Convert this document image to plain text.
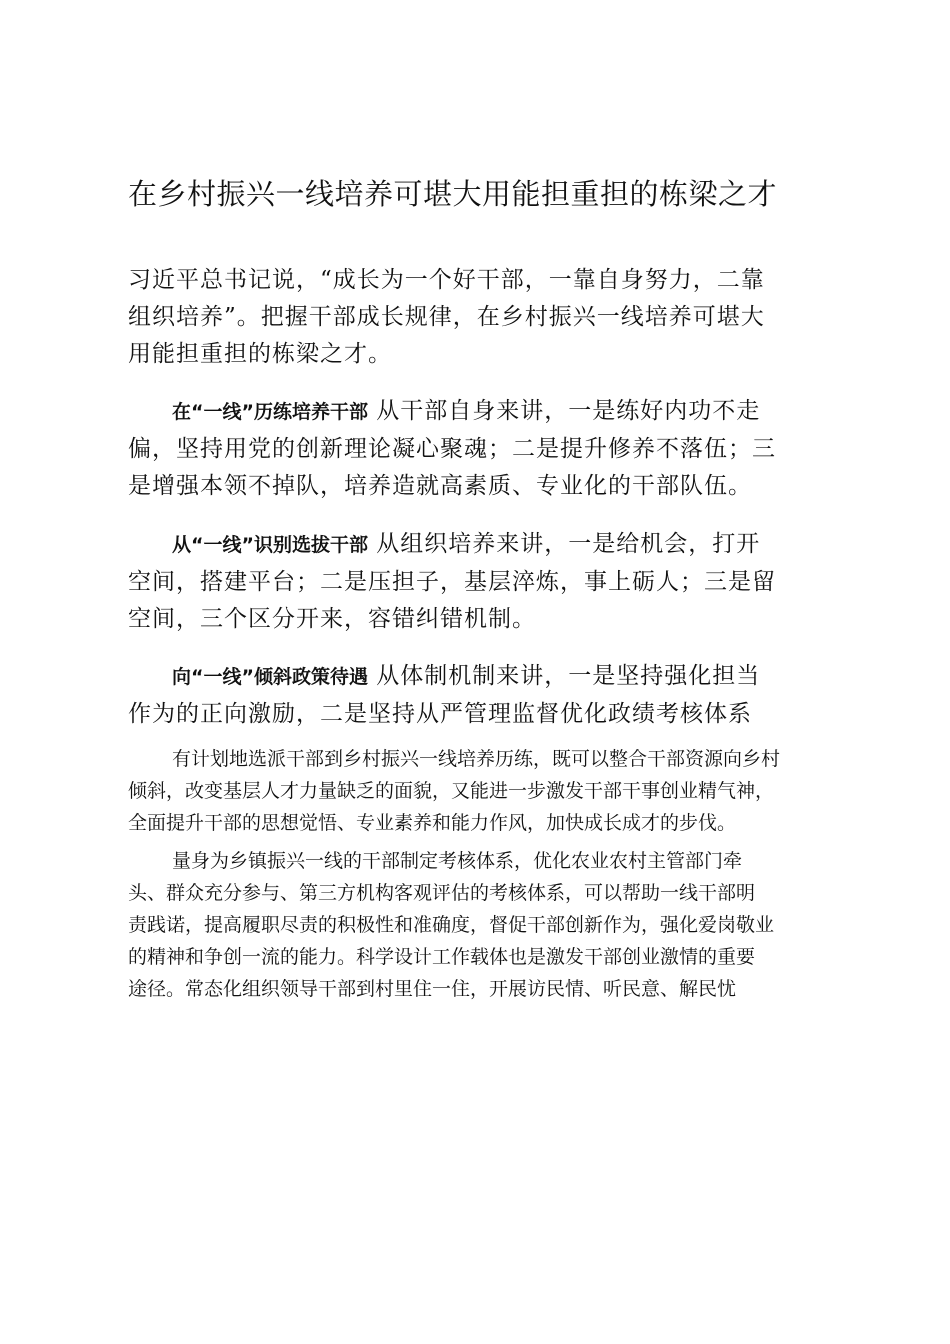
在乡村振兴一线培养可堪大用能担重担的栋梁之才
习近平总书记说，“成长为一个好干部，一靠自身努力，二靠
组织培养”。把握干部成长规律，在乡村振兴一线培养可堪大
用能担重担的栋梁之才。
在“一线”历练培养干部 从干部自身来讲，一是练好内功不走
偏，坚持用党的创新理论凝心聚魂；二是提升修养不落伍；三
是增强本领不掉队，培养造就高素质、专业化的干部队伍。
从“一线”识别选拔干部 从组织培养来讲，一是给机会，打开
空间，搭建平台；二是压担子，基层淬炼，事上砺人；三是留
空间，三个区分开来，容错纠错机制。
向“一线”倾斜政策待遇 从体制机制来讲，一是坚持强化担当
作为的正向激励，二是坚持从严管理监督优化政绩考核体系
有计划地选派干部到乡村振兴一线培养历练，既可以整合干部资源向乡村
倾斜，改变基层人才力量缺乏的面貌，又能进一步激发干部干事创业精气神，
全面提升干部的思想觉悟、专业素养和能力作风，加快成长成才的步伐。
量身为乡镇振兴一线的干部制定考核体系，优化农业农村主管部门牵
头、群众充分参与、第三方机构客观评估的考核体系，可以帮助一线干部明
责践诺，提高履职尽责的积极性和准确度，督促干部创新作为，强化爱岗敬业
的精神和争创一流的能力。科学设计工作载体也是激发干部创业激情的重要
途径。常态化组织领导干部到村里住一住，开展访民情、听民意、解民忧
